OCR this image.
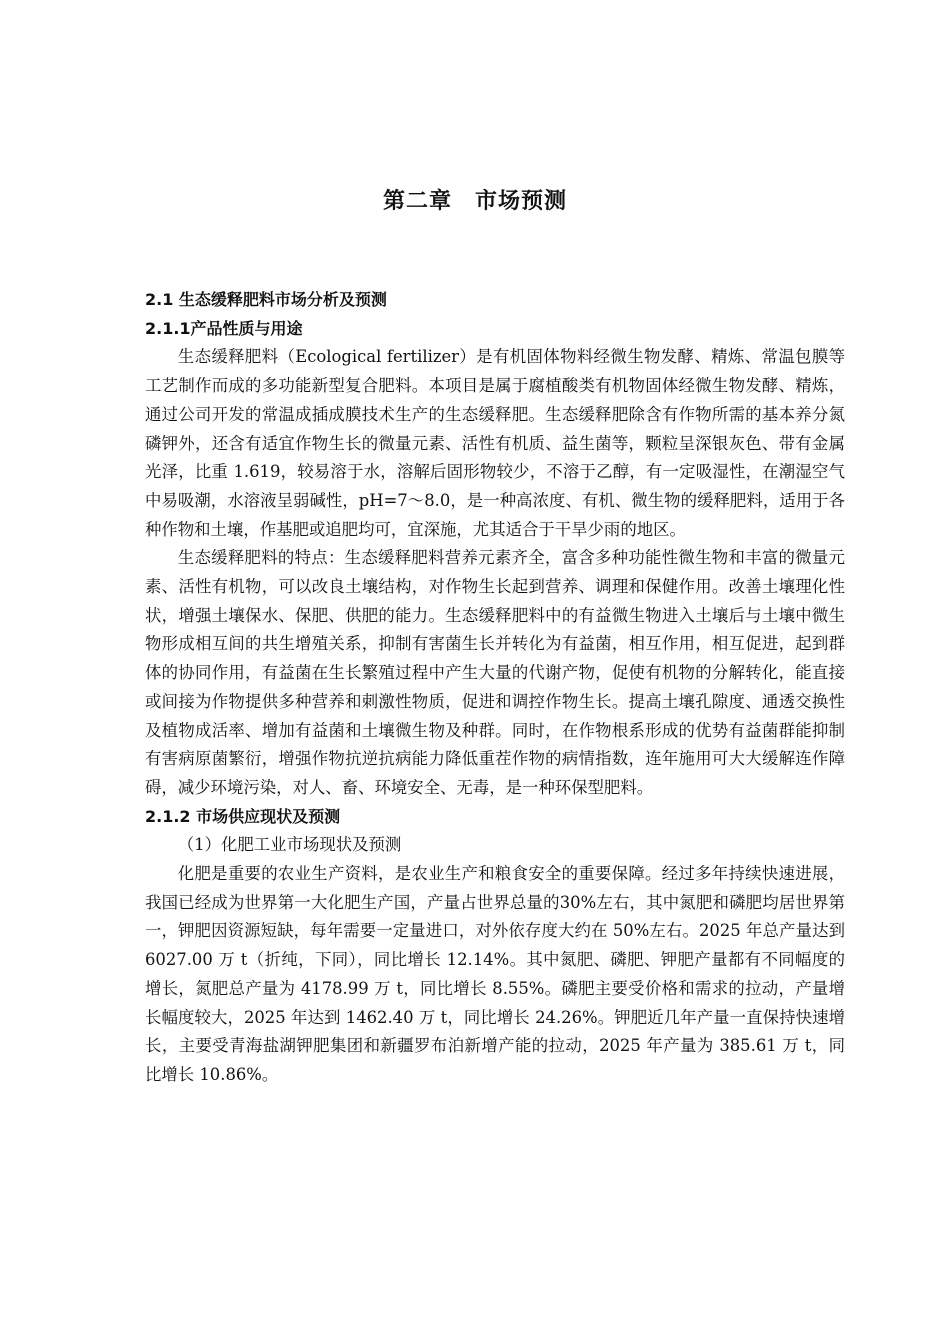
第二章　市场预测

2.1 生态缓释肥料市场分析及预测

2.1.1产品性质与用途

生态缓释肥料（Ecological fertilizer）是有机固体物料经微生物发酵、精炼、常温包膜等工艺制作而成的多功能新型复合肥料。本项目是属于腐植酸类有机物固体经微生物发酵、精炼，通过公司开发的常温成插成膜技术生产的生态缓释肥。生态缓释肥除含有作物所需的基本养分氮磷钾外，还含有适宜作物生长的微量元素、活性有机质、益生菌等，颗粒呈深银灰色、带有金属光泽，比重 1.619，较易溶于水，溶解后固形物较少，不溶于乙醇，有一定吸湿性，在潮湿空气中易吸潮，水溶液呈弱碱性，pH=7～8.0，是一种高浓度、有机、微生物的缓释肥料，适用于各种作物和土壤，作基肥或追肥均可，宜深施，尤其适合于干旱少雨的地区。

生态缓释肥料的特点：生态缓释肥料营养元素齐全，富含多种功能性微生物和丰富的微量元素、活性有机物，可以改良土壤结构，对作物生长起到营养、调理和保健作用。改善土壤理化性状，增强土壤保水、保肥、供肥的能力。生态缓释肥料中的有益微生物进入土壤后与土壤中微生物形成相互间的共生增殖关系，抑制有害菌生长并转化为有益菌，相互作用，相互促进，起到群体的协同作用，有益菌在生长繁殖过程中产生大量的代谢产物，促使有机物的分解转化，能直接或间接为作物提供多种营养和刺激性物质，促进和调控作物生长。提高土壤孔隙度、通透交换性及植物成活率、增加有益菌和土壤微生物及种群。同时，在作物根系形成的优势有益菌群能抑制有害病原菌繁衍，增强作物抗逆抗病能力降低重茬作物的病情指数，连年施用可大大缓解连作障碍，减少环境污染，对人、畜、环境安全、无毒，是一种环保型肥料。

2.1.2 市场供应现状及预测

（1）化肥工业市场现状及预测

化肥是重要的农业生产资料，是农业生产和粮食安全的重要保障。经过多年持续快速进展，我国已经成为世界第一大化肥生产国，产量占世界总量的30%左右，其中氮肥和磷肥均居世界第一，钾肥因资源短缺，每年需要一定量进口，对外依存度大约在 50%左右。2025 年总产量达到 6027.00 万 t（折纯，下同），同比增长 12.14%。其中氮肥、磷肥、钾肥产量都有不同幅度的增长，氮肥总产量为 4178.99 万 t，同比增长 8.55%。磷肥主要受价格和需求的拉动，产量增长幅度较大，2025 年达到 1462.40 万 t，同比增长 24.26%。钾肥近几年产量一直保持快速增长，主要受青海盐湖钾肥集团和新疆罗布泊新增产能的拉动，2025 年产量为 385.61 万 t，同比增长 10.86%。
